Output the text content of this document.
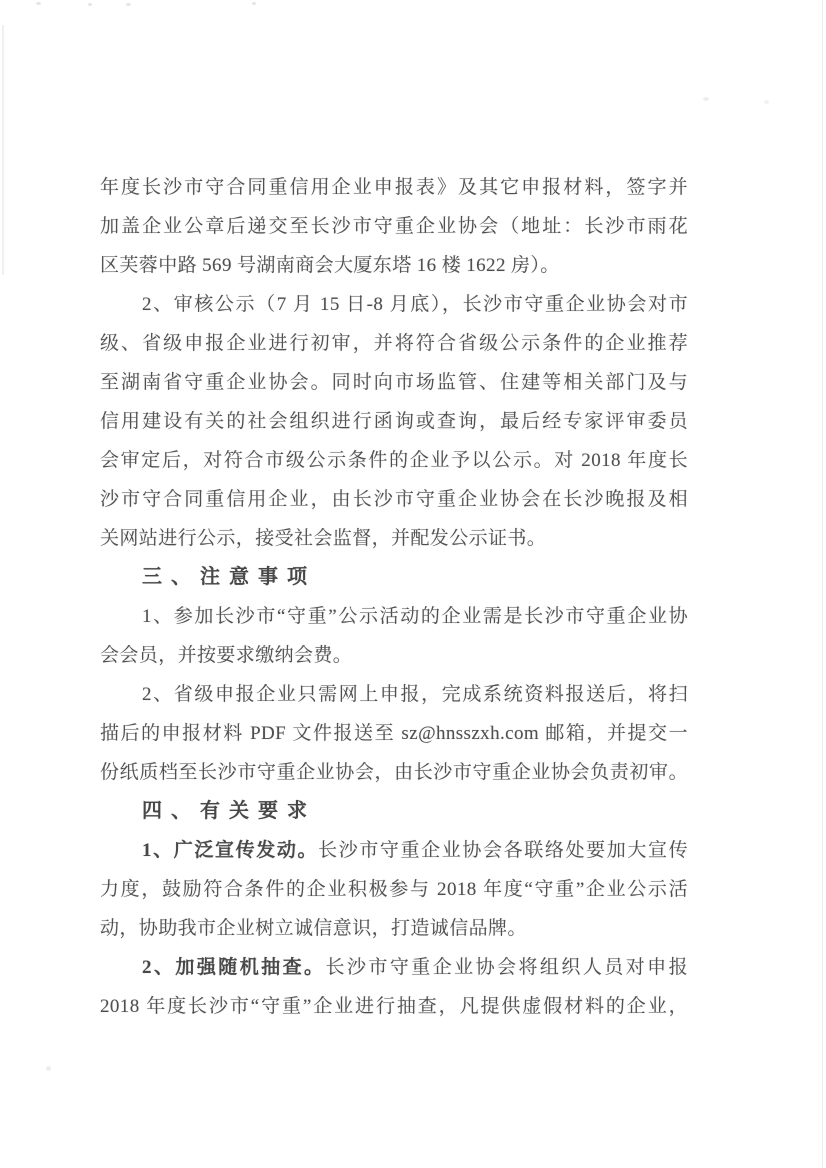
年度长沙市守合同重信用企业申报表》及其它申报材料，签字并
加盖企业公章后递交至长沙市守重企业协会（地址：长沙市雨花
区芙蓉中路 569 号湖南商会大厦东塔 16 楼 1622 房）。
2、审核公示（7 月 15 日-8 月底），长沙市守重企业协会对市
级、省级申报企业进行初审，并将符合省级公示条件的企业推荐
至湖南省守重企业协会。同时向市场监管、住建等相关部门及与
信用建设有关的社会组织进行函询或查询，最后经专家评审委员
会审定后，对符合市级公示条件的企业予以公示。对 2018 年度长
沙市守合同重信用企业，由长沙市守重企业协会在长沙晚报及相
关网站进行公示，接受社会监督，并配发公示证书。
三、注意事项
1、参加长沙市“守重”公示活动的企业需是长沙市守重企业协
会会员，并按要求缴纳会费。
2、省级申报企业只需网上申报，完成系统资料报送后，将扫
描后的申报材料 PDF 文件报送至 sz@hnsszxh.com 邮箱，并提交一
份纸质档至长沙市守重企业协会，由长沙市守重企业协会负责初审。
四、有关要求
1、广泛宣传发动。长沙市守重企业协会各联络处要加大宣传
力度，鼓励符合条件的企业积极参与 2018 年度“守重”企业公示活
动，协助我市企业树立诚信意识，打造诚信品牌。
2、加强随机抽查。长沙市守重企业协会将组织人员对申报
2018 年度长沙市“守重”企业进行抽查，凡提供虚假材料的企业，
